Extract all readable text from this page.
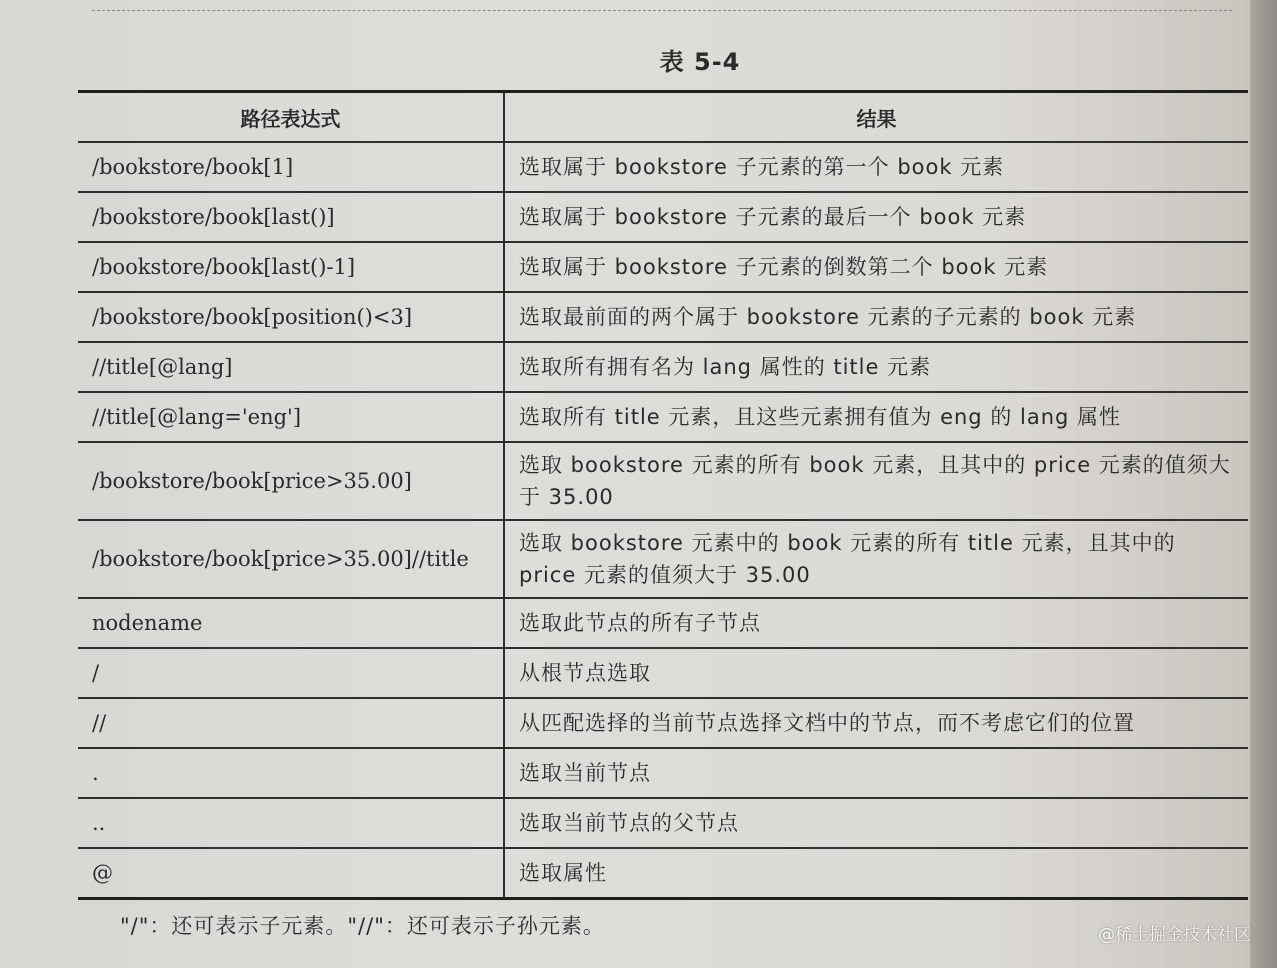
表 5-4
路径表达式	结果
/bookstore/book[1]	选取属于 bookstore 子元素的第一个 book 元素
/bookstore/book[last()]	选取属于 bookstore 子元素的最后一个 book 元素
/bookstore/book[last()-1]	选取属于 bookstore 子元素的倒数第二个 book 元素
/bookstore/book[position()<3]	选取最前面的两个属于 bookstore 元素的子元素的 book 元素
//title[@lang]	选取所有拥有名为 lang 属性的 title 元素
//title[@lang='eng']	选取所有 title 元素，且这些元素拥有值为 eng 的 lang 属性
/bookstore/book[price>35.00]	选取 bookstore 元素的所有 book 元素，且其中的 price 元素的值须大于 35.00
/bookstore/book[price>35.00]//title	选取 bookstore 元素中的 book 元素的所有 title 元素，且其中的 price 元素的值须大于 35.00
nodename	选取此节点的所有子节点
/	从根节点选取
//	从匹配选择的当前节点选择文档中的节点，而不考虑它们的位置
.	选取当前节点
..	选取当前节点的父节点
@	选取属性
"/"：还可表示子元素。"//"：还可表示子孙元素。	@稀土掘金技术社区
